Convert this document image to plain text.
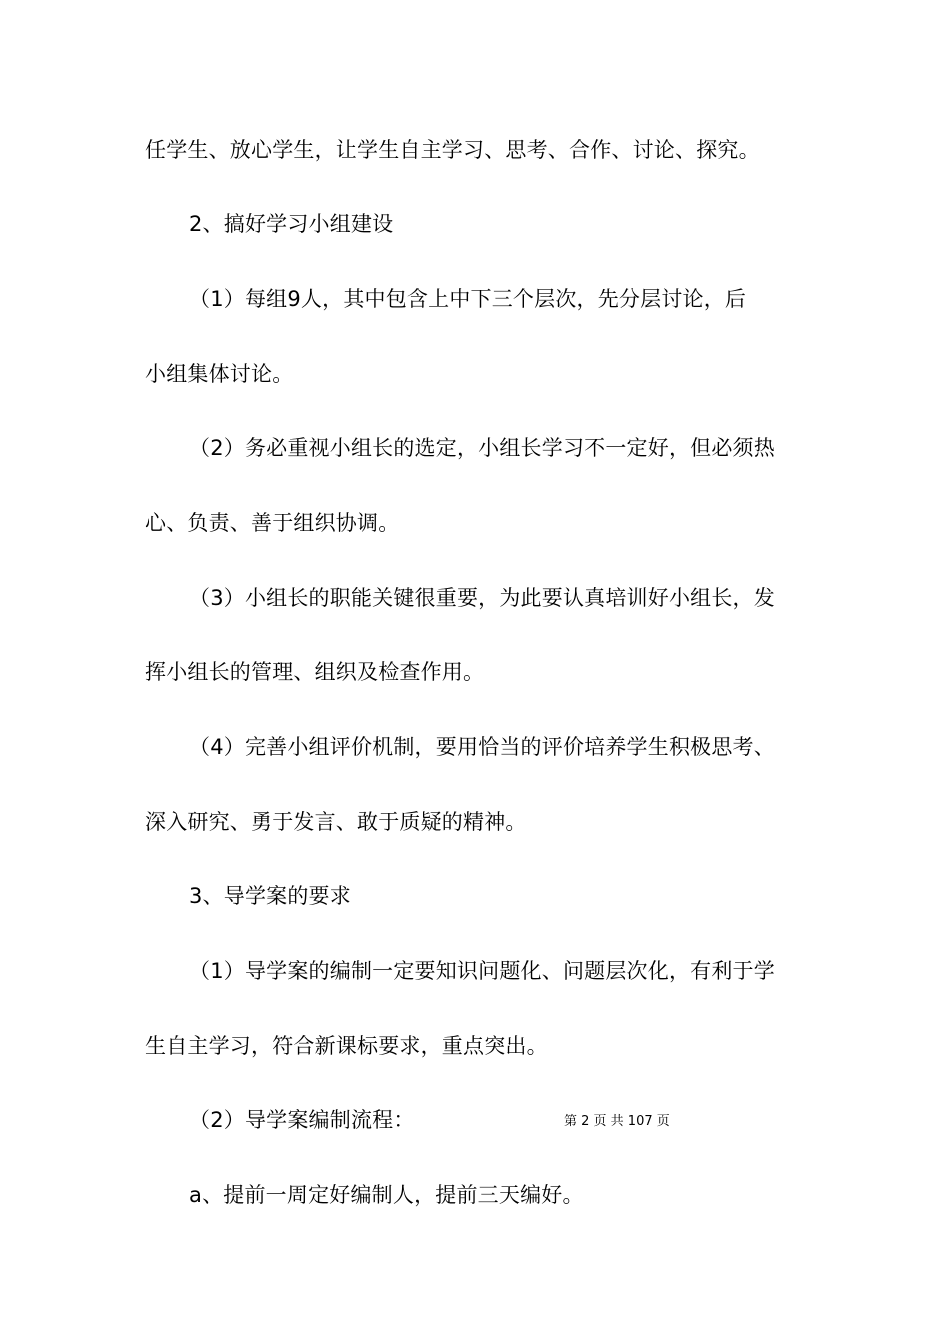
任学生、放心学生，让学生自主学习、思考、合作、讨论、探究。
2、搞好学习小组建设
（1）每组9人，其中包含上中下三个层次，先分层讨论，后
小组集体讨论。
（2）务必重视小组长的选定，小组长学习不一定好，但必须热
心、负责、善于组织协调。
（3）小组长的职能关键很重要，为此要认真培训好小组长，发
挥小组长的管理、组织及检查作用。
（4）完善小组评价机制，要用恰当的评价培养学生积极思考、
深入研究、勇于发言、敢于质疑的精神。
3、导学案的要求
（1）导学案的编制一定要知识问题化、问题层次化，有利于学
生自主学习，符合新课标要求，重点突出。
（2）导学案编制流程：	第 2 页 共 107 页
a、提前一周定好编制人，提前三天编好。
